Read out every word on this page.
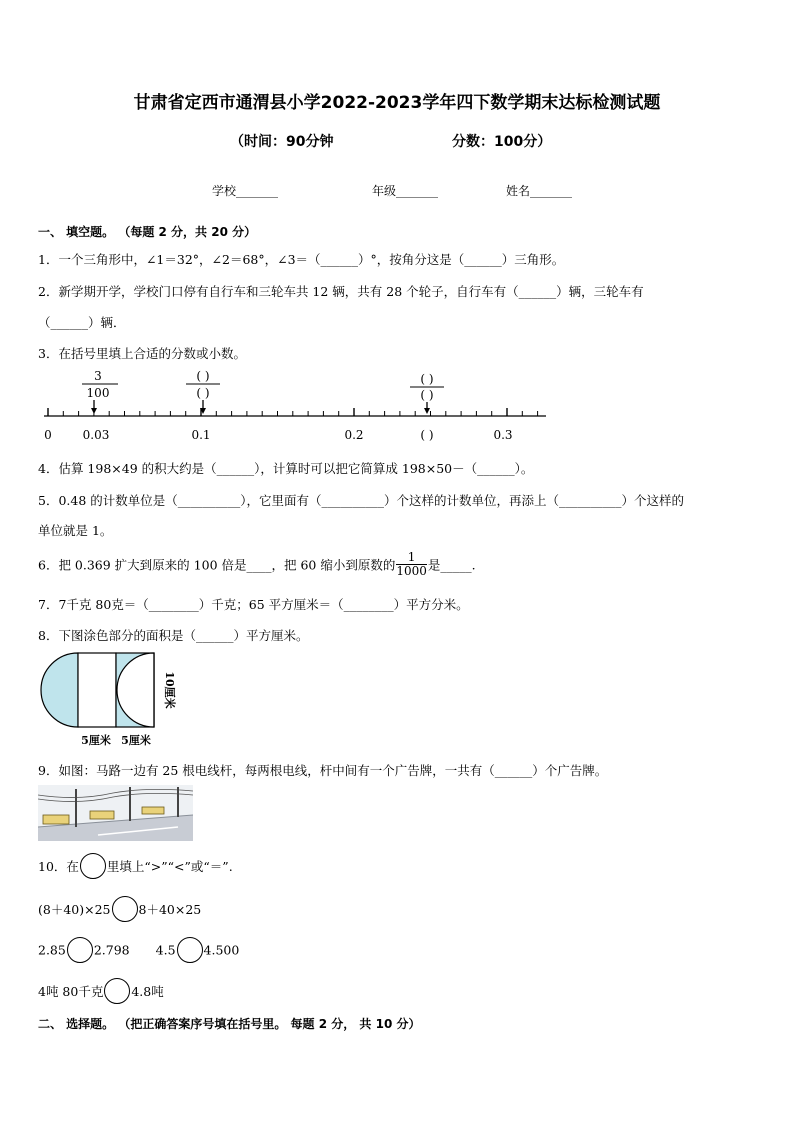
甘肃省定西市通渭县小学2022-2023学年四下数学期末达标检测试题
（时间：90分钟	分数：100分）
学校_______	年级_______	姓名_______
一、 填空题。 （每题 2 分，共 20 分）
1．一个三角形中，∠1＝32°，∠2＝68°，∠3＝（______）°，按角分这是（______）三角形。
2．新学期开学，学校门口停有自行车和三轮车共 12 辆，共有 28 个轮子，自行车有（______）辆，三轮车有
（______）辆．
3．在括号里填上合适的分数或小数。
3
100
( )
( )
( )
( )
0	0.03	0.1	0.2	( )	0.3
4．估算 198×49 的积大约是（______），计算时可以把它简算成 198×50－（______）。
5．0.48 的计数单位是（__________），它里面有（__________）个这样的计数单位，再添上（__________）个这样的
单位就是 1。
6．把 0.369 扩大到原来的 100 倍是____，把 60 缩小到原数的 $\frac{1}{1000}$ 是_____.
7．7千克 80克＝（________）千克；65 平方厘米＝（________）平方分米。
8．下图涂色部分的面积是（______）平方厘米。
5厘米 5厘米
10厘米
9．如图：马路一边有 25 根电线杆，每两根电线，杆中间有一个广告牌，一共有（______）个广告牌。
10．在 里填上“>”“<”或“＝”.
(8＋40)×25 8＋40×25
2.85 2.798 4.5 4.500
4吨 80千克 4.8吨
二、 选择题。 （把正确答案序号填在括号里。 每题 2 分， 共 10 分）
